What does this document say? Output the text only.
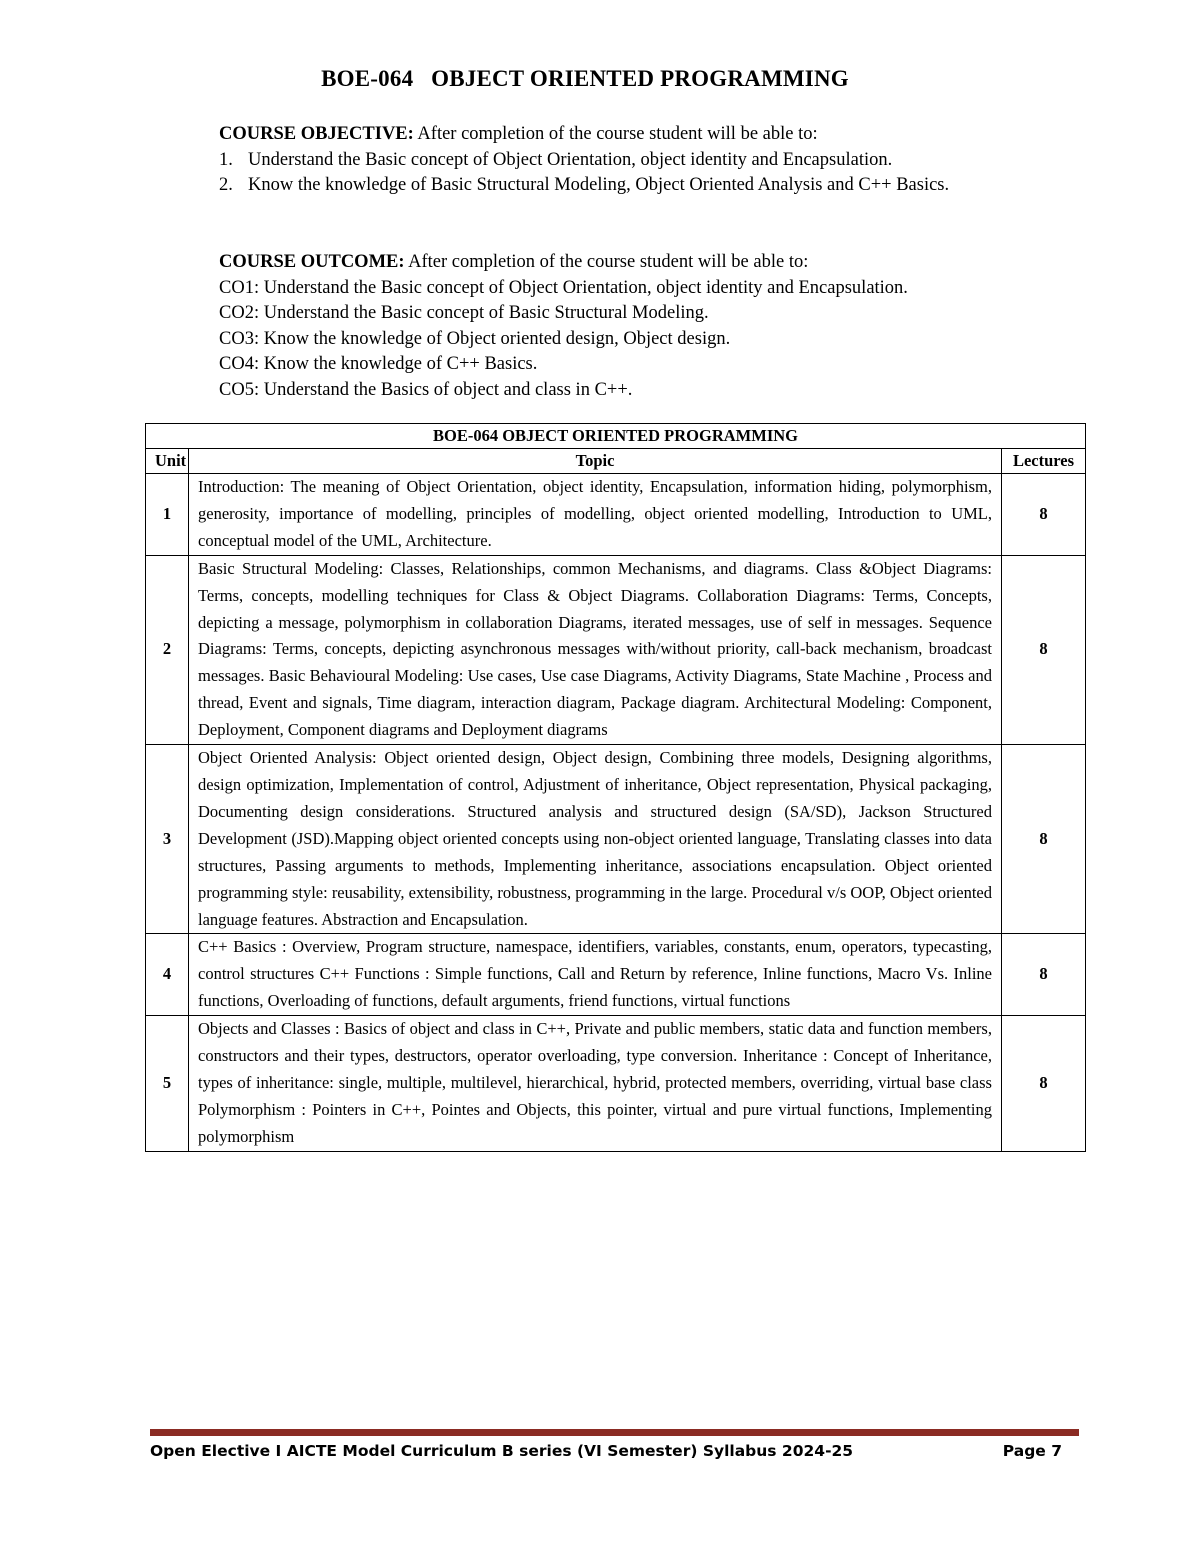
BOE-064   OBJECT ORIENTED PROGRAMMING
COURSE OBJECTIVE: After completion of the course student will be able to:
1. Understand the Basic concept of Object Orientation, object identity and Encapsulation.
2. Know the knowledge of Basic Structural Modeling, Object Oriented Analysis and C++ Basics.
COURSE OUTCOME: After completion of the course student will be able to:
CO1: Understand the Basic concept of Object Orientation, object identity and Encapsulation.
CO2: Understand the Basic concept of Basic Structural Modeling.
CO3: Know the knowledge of Object oriented design, Object design.
CO4: Know the knowledge of C++ Basics.
CO5: Understand the Basics of object and class in C++.
BOE-064 OBJECT ORIENTED PROGRAMMING		
Unit	Topic	Lectures
1	Introduction: The meaning of Object Orientation, object identity, Encapsulation, information hiding, polymorphism, generosity, importance of modelling, principles of modelling, object oriented modelling, Introduction to UML, conceptual model of the UML, Architecture.	8
2	Basic Structural Modeling: Classes, Relationships, common Mechanisms, and diagrams. Class &Object Diagrams: Terms, concepts, modelling techniques for Class & Object Diagrams. Collaboration Diagrams: Terms, Concepts, depicting a message, polymorphism in collaboration Diagrams, iterated messages, use of self in messages. Sequence Diagrams: Terms, concepts, depicting asynchronous messages with/without priority, call-back mechanism, broadcast messages. Basic Behavioural Modeling: Use cases, Use case Diagrams, Activity Diagrams, State Machine , Process and thread, Event and signals, Time diagram, interaction diagram, Package diagram. Architectural Modeling: Component, Deployment, Component diagrams and Deployment diagrams	8
3	Object Oriented Analysis: Object oriented design, Object design, Combining three models, Designing algorithms, design optimization, Implementation of control, Adjustment of inheritance, Object representation, Physical packaging, Documenting design considerations. Structured analysis and structured design (SA/SD), Jackson Structured Development (JSD).Mapping object oriented concepts using non-object oriented language, Translating classes into data structures, Passing arguments to methods, Implementing inheritance, associations encapsulation. Object oriented programming style: reusability, extensibility, robustness, programming in the large. Procedural v/s OOP, Object oriented language features. Abstraction and Encapsulation.	8
4	C++ Basics : Overview, Program structure, namespace, identifiers, variables, constants, enum, operators, typecasting, control structures C++ Functions : Simple functions, Call and Return by reference, Inline functions, Macro Vs. Inline functions, Overloading of functions, default arguments, friend functions, virtual functions	8
5	Objects and Classes : Basics of object and class in C++, Private and public members, static data and function members, constructors and their types, destructors, operator overloading, type conversion. Inheritance : Concept of Inheritance, types of inheritance: single, multiple, multilevel, hierarchical, hybrid, protected members, overriding, virtual base class Polymorphism : Pointers in C++, Pointes and Objects, this pointer, virtual and pure virtual functions, Implementing polymorphism	8
Open Elective I AICTE Model Curriculum B series (VI Semester) Syllabus 2024-25	Page 7
